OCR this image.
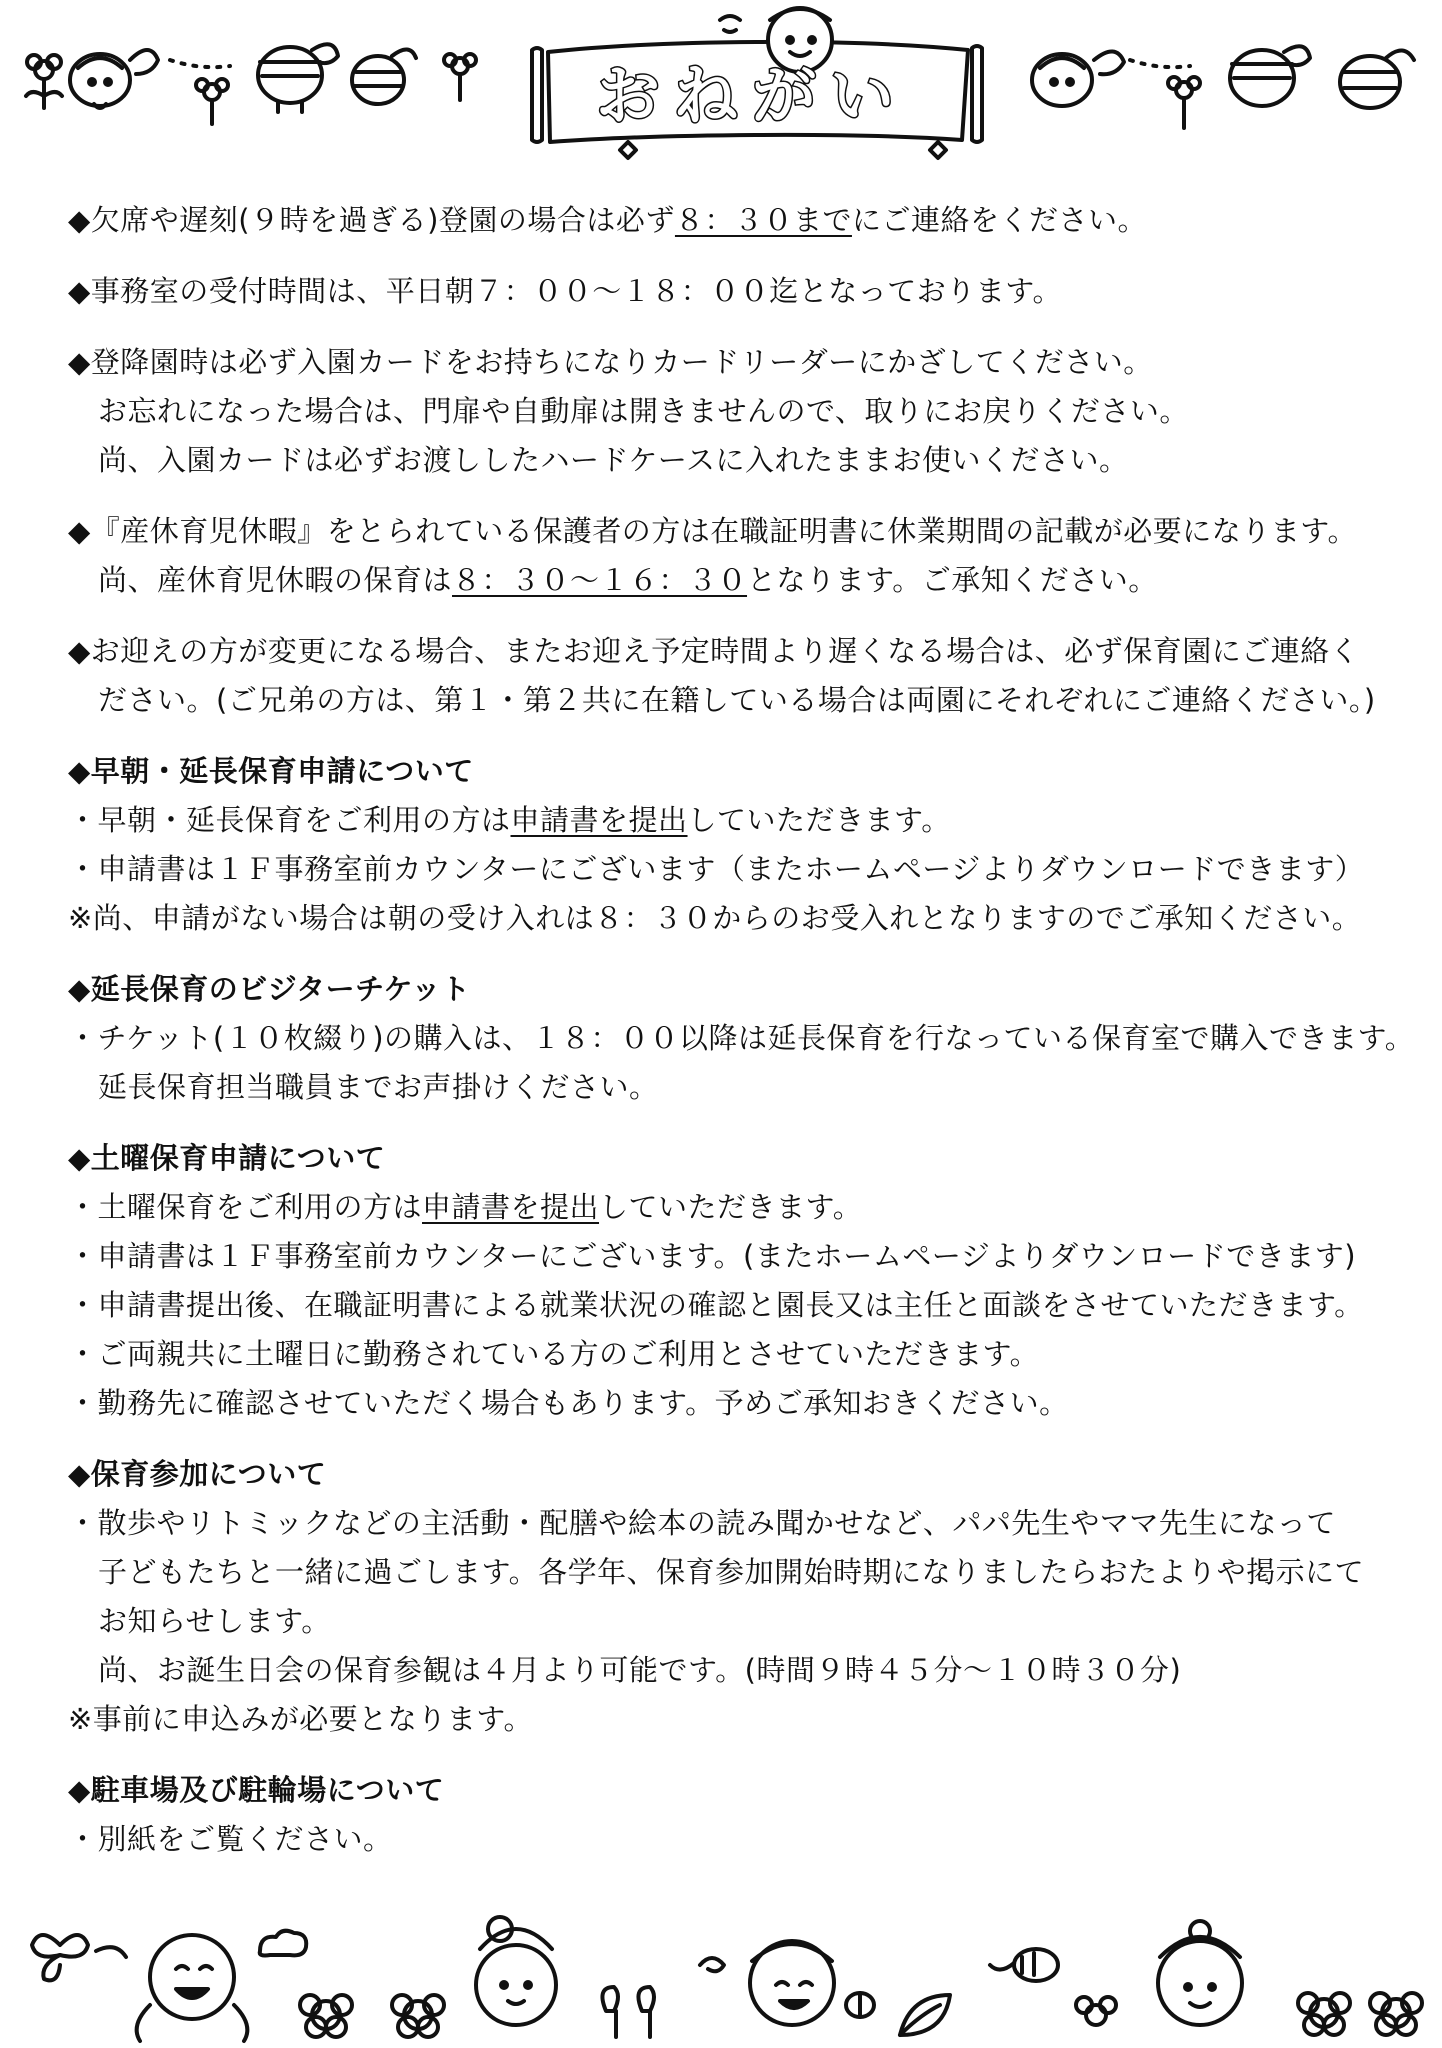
おねがい
◆欠席や遅刻(９時を過ぎる)登園の場合は必ず８：３０までにご連絡をください。
◆事務室の受付時間は、平日朝７：００～１８：００迄となっております。
◆登降園時は必ず入園カードをお持ちになりカードリーダーにかざしてください。
お忘れになった場合は、門扉や自動扉は開きませんので、取りにお戻りください。
尚、入園カードは必ずお渡ししたハードケースに入れたままお使いください。
◆『産休育児休暇』をとられている保護者の方は在職証明書に休業期間の記載が必要になります。
尚、産休育児休暇の保育は８：３０～１６：３０となります。ご承知ください。
◆お迎えの方が変更になる場合、またお迎え予定時間より遅くなる場合は、必ず保育園にご連絡く
ださい。(ご兄弟の方は、第１・第２共に在籍している場合は両園にそれぞれにご連絡ください。)
◆早朝・延長保育申請について
・早朝・延長保育をご利用の方は申請書を提出していただきます。
・申請書は１Ｆ事務室前カウンターにございます（またホームページよりダウンロードできます）
※尚、申請がない場合は朝の受け入れは８：３０からのお受入れとなりますのでご承知ください。
◆延長保育のビジターチケット
・チケット(１０枚綴り)の購入は、１８：００以降は延長保育を行なっている保育室で購入できます。
延長保育担当職員までお声掛けください。
◆土曜保育申請について
・土曜保育をご利用の方は申請書を提出していただきます。
・申請書は１Ｆ事務室前カウンターにございます。(またホームページよりダウンロードできます)
・申請書提出後、在職証明書による就業状況の確認と園長又は主任と面談をさせていただきます。
・ご両親共に土曜日に勤務されている方のご利用とさせていただきます。
・勤務先に確認させていただく場合もあります。予めご承知おきください。
◆保育参加について
・散歩やリトミックなどの主活動・配膳や絵本の読み聞かせなど、パパ先生やママ先生になって
子どもたちと一緒に過ごします。各学年、保育参加開始時期になりましたらおたよりや掲示にて
お知らせします。
尚、お誕生日会の保育参観は４月より可能です。(時間９時４５分～１０時３０分)
※事前に申込みが必要となります。
◆駐車場及び駐輪場について
・別紙をご覧ください。
